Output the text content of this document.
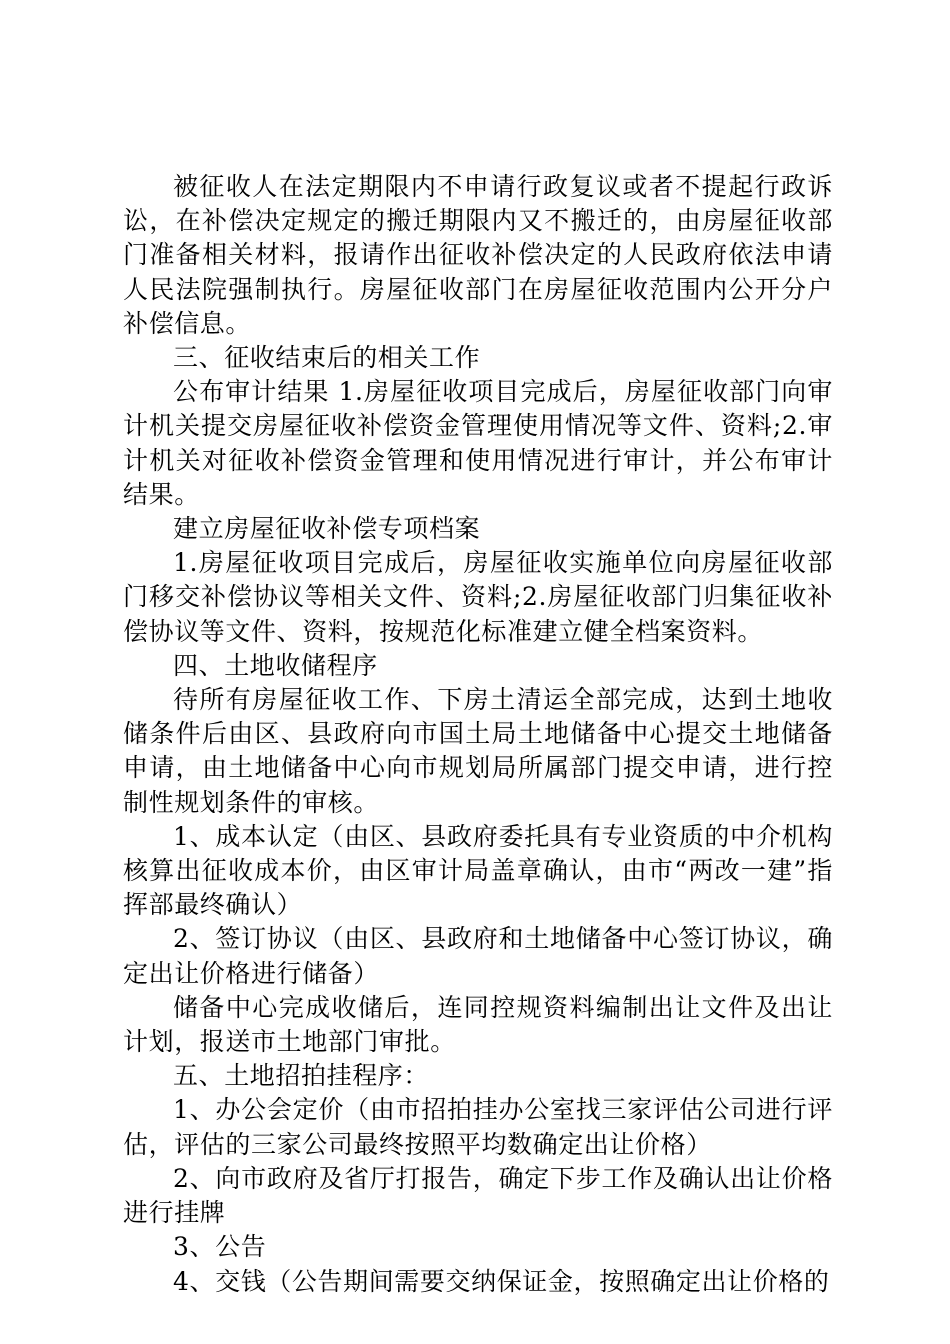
被征收人在法定期限内不申请行政复议或者不提起行政诉讼，在补偿决定规定的搬迁期限内又不搬迁的，由房屋征收部门准备相关材料，报请作出征收补偿决定的人民政府依法申请人民法院强制执行。房屋征收部门在房屋征收范围内公开分户补偿信息。

三、征收结束后的相关工作

公布审计结果 1.房屋征收项目完成后，房屋征收部门向审计机关提交房屋征收补偿资金管理使用情况等文件、资料;2.审计机关对征收补偿资金管理和使用情况进行审计，并公布审计结果。

建立房屋征收补偿专项档案

1.房屋征收项目完成后，房屋征收实施单位向房屋征收部门移交补偿协议等相关文件、资料;2.房屋征收部门归集征收补偿协议等文件、资料，按规范化标准建立健全档案资料。

四、土地收储程序

待所有房屋征收工作、下房土清运全部完成，达到土地收储条件后由区、县政府向市国土局土地储备中心提交土地储备申请，由土地储备中心向市规划局所属部门提交申请，进行控制性规划条件的审核。

1、成本认定（由区、县政府委托具有专业资质的中介机构核算出征收成本价，由区审计局盖章确认，由市“两改一建”指挥部最终确认）

2、签订协议（由区、县政府和土地储备中心签订协议，确定出让价格进行储备）

储备中心完成收储后，连同控规资料编制出让文件及出让计划，报送市土地部门审批。

五、土地招拍挂程序：

1、办公会定价（由市招拍挂办公室找三家评估公司进行评估，评估的三家公司最终按照平均数确定出让价格）

2、向市政府及省厅打报告，确定下步工作及确认出让价格进行挂牌

3、公告

4、交钱（公告期间需要交纳保证金，按照确定出让价格的
